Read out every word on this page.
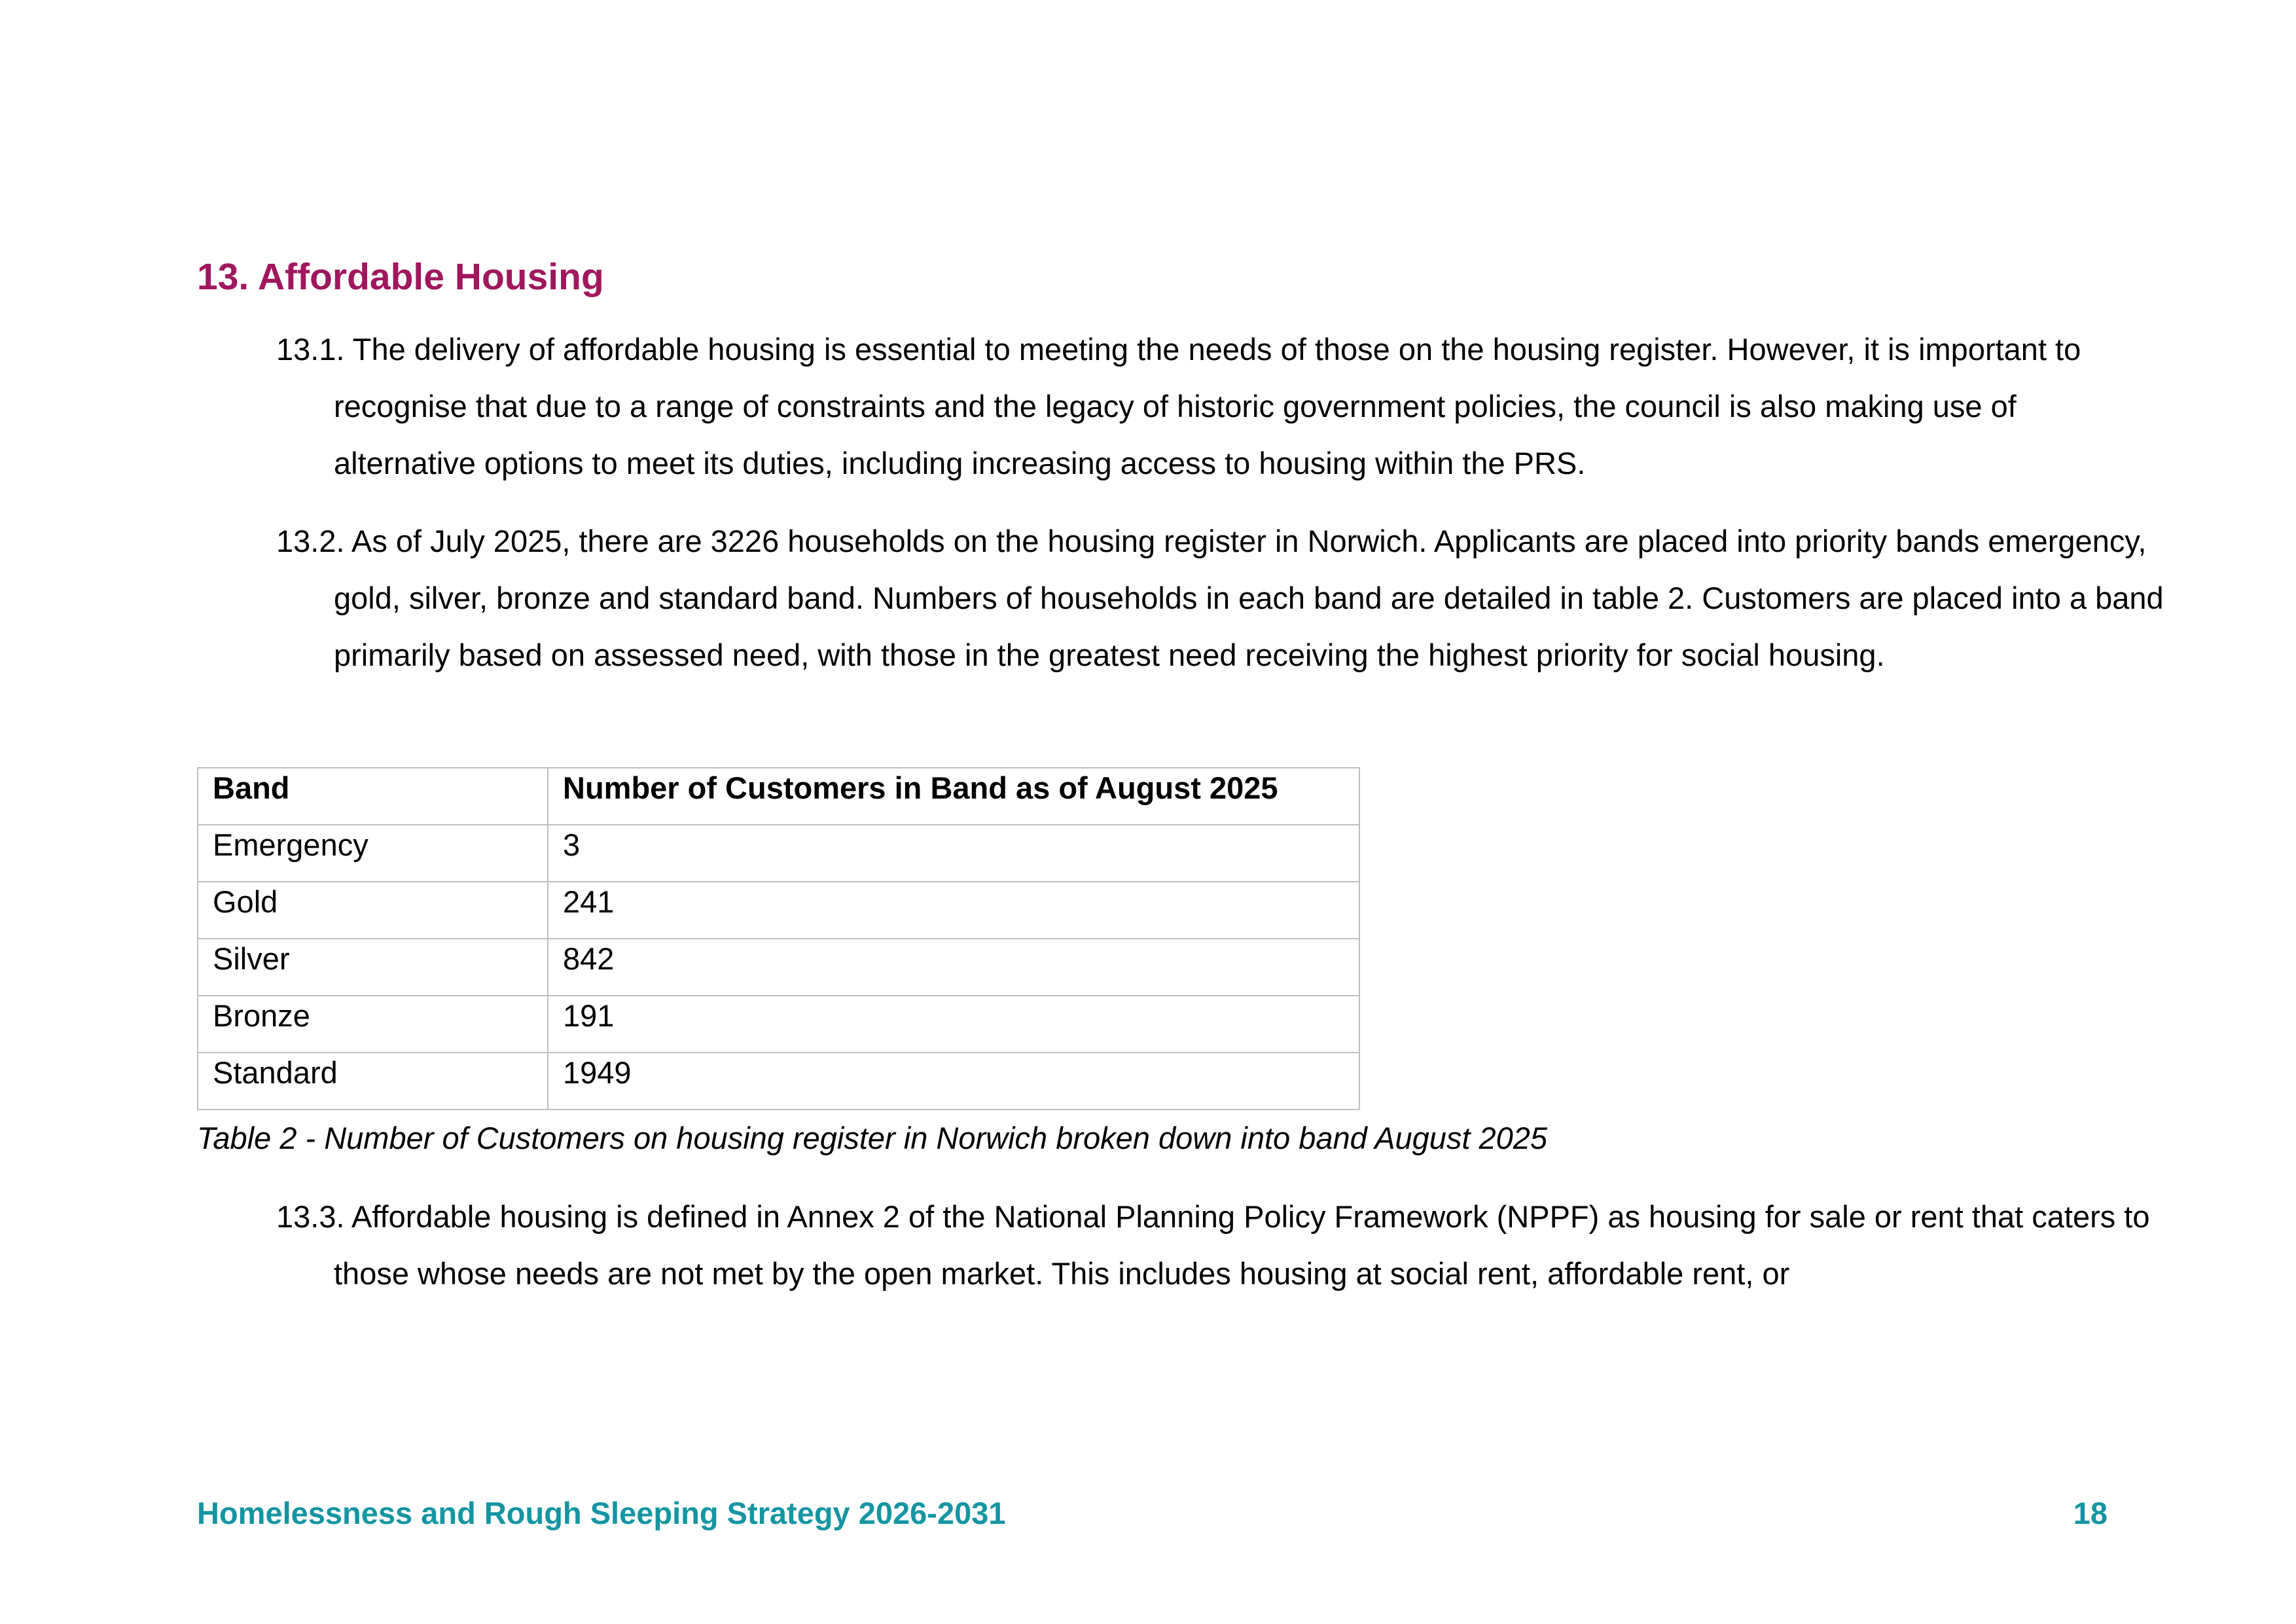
13. Affordable Housing

13.1. The delivery of affordable housing is essential to meeting the needs of those on the housing register. However, it is important to recognise that due to a range of constraints and the legacy of historic government policies, the council is also making use of alternative options to meet its duties, including increasing access to housing within the PRS.

13.2. As of July 2025, there are 3226 households on the housing register in Norwich. Applicants are placed into priority bands emergency, gold, silver, bronze and standard band. Numbers of households in each band are detailed in table 2. Customers are placed into a band primarily based on assessed need, with those in the greatest need receiving the highest priority for social housing.

Band	Number of Customers in Band as of August 2025
Emergency	3
Gold	241
Silver	842
Bronze	191
Standard	1949

Table 2 - Number of Customers on housing register in Norwich broken down into band August 2025

13.3. Affordable housing is defined in Annex 2 of the National Planning Policy Framework (NPPF) as housing for sale or rent that caters to those whose needs are not met by the open market. This includes housing at social rent, affordable rent, or

Homelessness and Rough Sleeping Strategy 2026-2031	18
